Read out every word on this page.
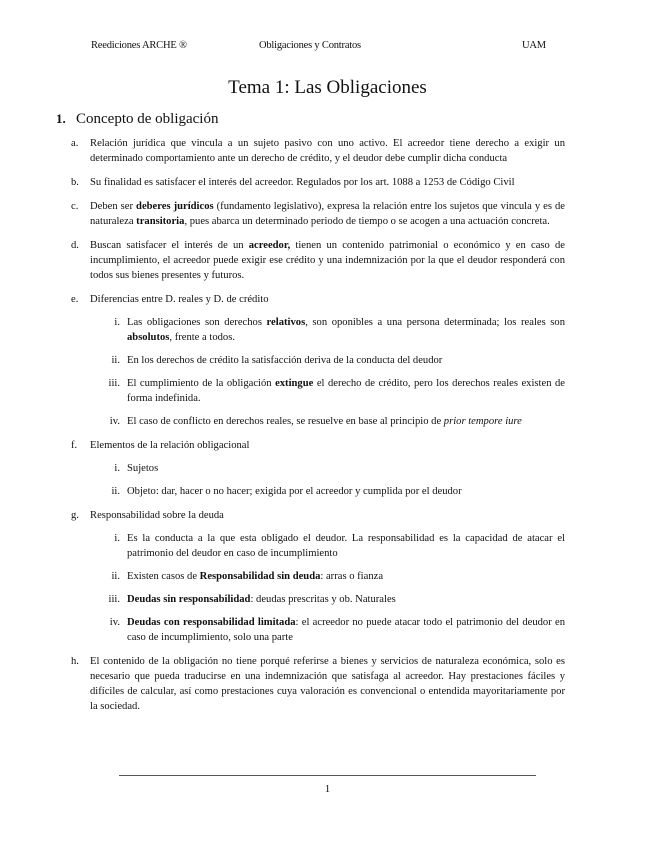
Reediciones ARCHE ®	Obligaciones y Contratos	UAM
Tema 1: Las Obligaciones
1. Concepto de obligación
a. Relación jurídica que vincula a un sujeto pasivo con uno activo. El acreedor tiene derecho a exigir un determinado comportamiento ante un derecho de crédito, y el deudor debe cumplir dicha conducta
b. Su finalidad es satisfacer el interés del acreedor. Regulados por los art. 1088 a 1253 de Código Civil
c. Deben ser deberes jurídicos (fundamento legislativo), expresa la relación entre los sujetos que vincula y es de naturaleza transitoria, pues abarca un determinado periodo de tiempo o se acogen a una actuación concreta.
d. Buscan satisfacer el interés de un acreedor, tienen un contenido patrimonial o económico y en caso de incumplimiento, el acreedor puede exigir ese crédito y una indemnización por la que el deudor responderá con todos sus bienes presentes y futuros.
e. Diferencias entre D. reales y D. de crédito
i. Las obligaciones son derechos relativos, son oponibles a una persona determinada; los reales son absolutos, frente a todos.
ii. En los derechos de crédito la satisfacción deriva de la conducta del deudor
iii. El cumplimiento de la obligación extingue el derecho de crédito, pero los derechos reales existen de forma indefinida.
iv. El caso de conflicto en derechos reales, se resuelve en base al principio de prior tempore iure
f. Elementos de la relación obligacional
i. Sujetos
ii. Objeto: dar, hacer o no hacer; exigida por el acreedor y cumplida por el deudor
g. Responsabilidad sobre la deuda
i. Es la conducta a la que esta obligado el deudor. La responsabilidad es la capacidad de atacar el patrimonio del deudor en caso de incumplimiento
ii. Existen casos de Responsabilidad sin deuda: arras o fianza
iii. Deudas sin responsabilidad: deudas prescritas y ob. Naturales
iv. Deudas con responsabilidad limitada: el acreedor no puede atacar todo el patrimonio del deudor en caso de incumplimiento, solo una parte
h. El contenido de la obligación no tiene porqué referirse a bienes y servicios de naturaleza económica, solo es necesario que pueda traducirse en una indemnización que satisfaga al acreedor. Hay prestaciones fáciles y difíciles de calcular, así como prestaciones cuya valoración es convencional o entendida mayoritariamente por la sociedad.
1
